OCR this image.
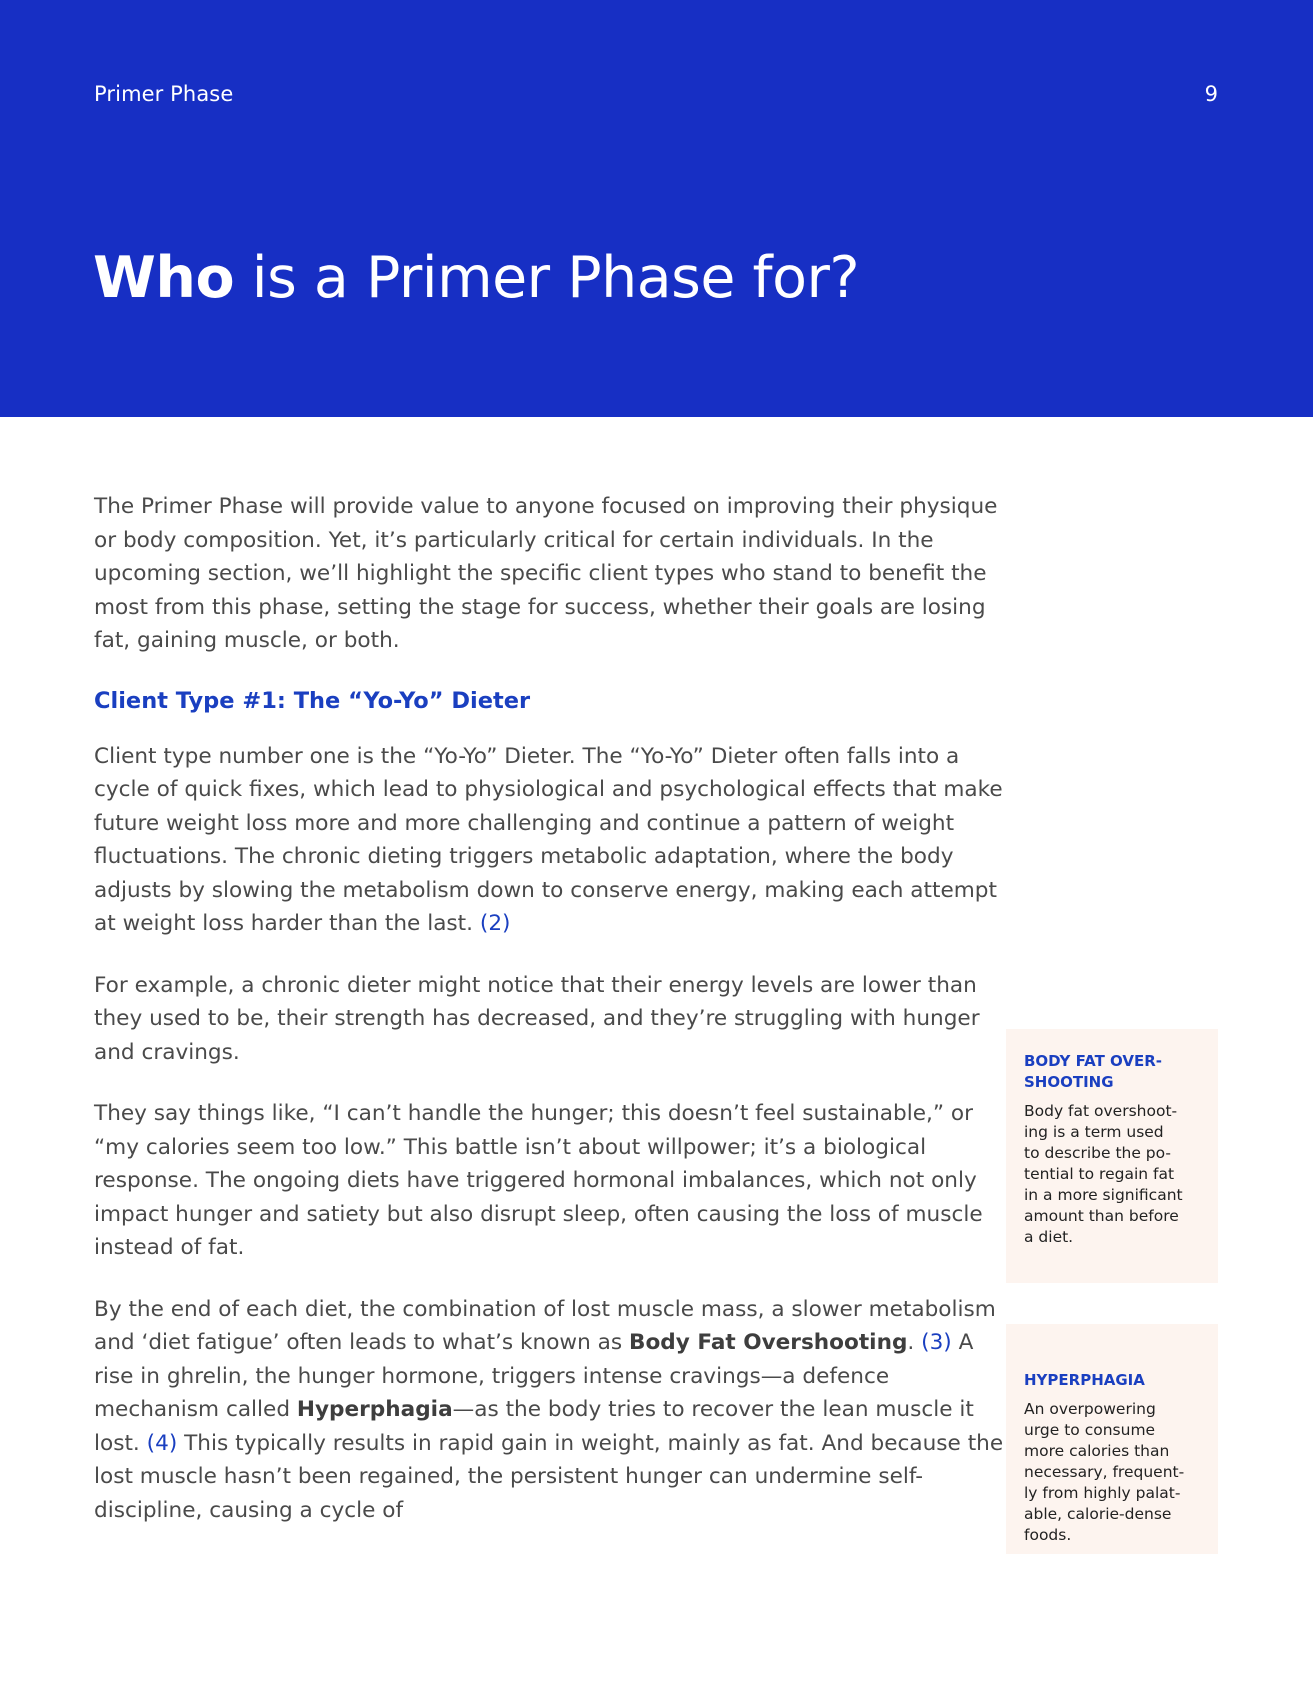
Primer Phase	9
Who is a Primer Phase for?

The Primer Phase will provide value to anyone focused on improving their physique or body composition. Yet, it’s particularly critical for certain individuals. In the upcoming section, we’ll highlight the specific client types who stand to benefit the most from this phase, setting the stage for success, whether their goals are losing fat, gaining muscle, or both.

Client Type #1: The “Yo-Yo” Dieter

Client type number one is the “Yo-Yo” Dieter. The “Yo-Yo” Dieter often falls into a cycle of quick fixes, which lead to physiological and psychological effects that make future weight loss more and more challenging and continue a pattern of weight fluctuations. The chronic dieting triggers metabolic adaptation, where the body adjusts by slowing the metabolism down to conserve energy, making each attempt at weight loss harder than the last. (2)

For example, a chronic dieter might notice that their energy levels are lower than they used to be, their strength has decreased, and they’re struggling with hunger and cravings.

They say things like, “I can’t handle the hunger; this doesn’t feel sustainable,” or “my calories seem too low.” This battle isn’t about willpower; it’s a biological response. The ongoing diets have triggered hormonal imbalances, which not only impact hunger and satiety but also disrupt sleep, often causing the loss of muscle instead of fat.

By the end of each diet, the combination of lost muscle mass, a slower metabolism and ‘diet fatigue’ often leads to what’s known as Body Fat Overshooting. (3) A rise in ghrelin, the hunger hormone, triggers intense cravings—a defence mechanism called Hyperphagia—as the body tries to recover the lean muscle it lost. (4) This typically results in rapid gain in weight, mainly as fat. And because the lost muscle hasn’t been regained, the persistent hunger can undermine self-discipline, causing a cycle of

BODY FAT OVER-
SHOOTING
Body fat overshoot-
ing is a term used
to describe the po-
tential to regain fat
in a more significant
amount than before
a diet.
HYPERPHAGIA
An overpowering
urge to consume
more calories than
necessary, frequent-
ly from highly palat-
able, calorie-dense
foods.
